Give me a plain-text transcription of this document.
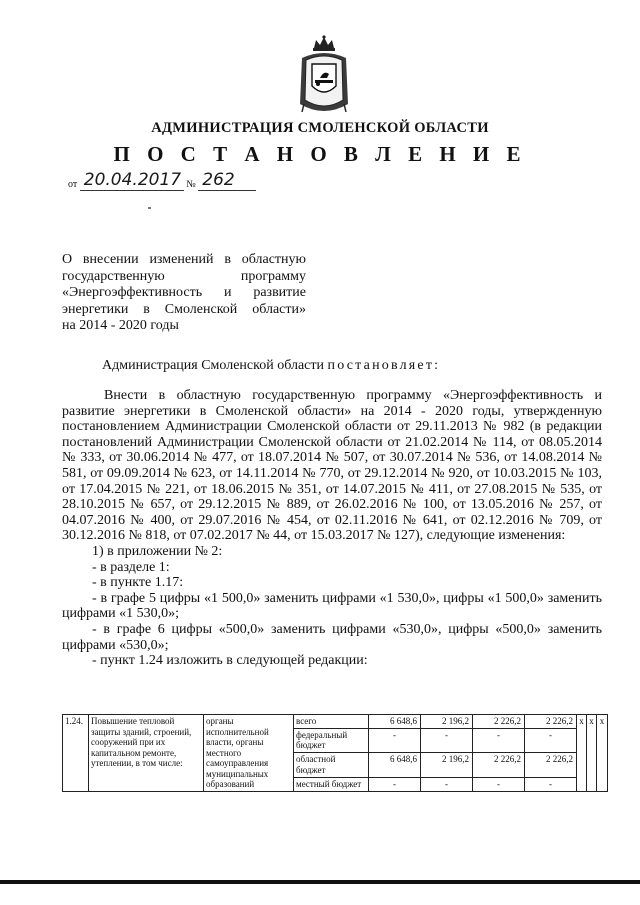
АДМИНИСТРАЦИЯ СМОЛЕНСКОЙ ОБЛАСТИ
П О С Т А Н О В Л Е Н И Е
от 20.04.2017 № 262
О внесении изменений в областную
государственную программу
«Энергоэффективность и развитие
энергетики в Смоленской области»
на 2014 - 2020 годы
Администрация Смоленской области постановляет:

Внести в областную государственную программу «Энергоэффективность и развитие энергетики в Смоленской области» на 2014 - 2020 годы, утвержденную постановлением Администрации Смоленской области от 29.11.2013 № 982 (в редакции постановлений Администрации Смоленской области от 21.02.2014 № 114, от 08.05.2014 № 333, от 30.06.2014 № 477, от 18.07.2014 № 507, от 30.07.2014 № 536, от 14.08.2014 № 581, от 09.09.2014 № 623, от 14.11.2014 № 770, от 29.12.2014 № 920, от 10.03.2015 № 103, от 17.04.2015 № 221, от 18.06.2015 № 351, от 14.07.2015 № 411, от 27.08.2015 № 535, от 28.10.2015 № 657, от 29.12.2015 № 889, от 26.02.2016 № 100, от 13.05.2016 № 257, от 04.07.2016 № 400, от 29.07.2016 № 454, от 02.11.2016 № 641, от 02.12.2016 № 709, от 30.12.2016 № 818, от 07.02.2017 № 44, от 15.03.2017 № 127), следующие изменения:

1) в приложении № 2:
- в разделе 1:
- в пункте 1.17:
- в графе 5 цифры «1 500,0» заменить цифрами «1 530,0», цифры «1 500,0» заменить цифрами «1 530,0»;
- в графе 6 цифры «500,0» заменить цифрами «530,0», цифры «500,0» заменить цифрами «530,0»;
- пункт 1.24 изложить в следующей редакции:
1.24.	Повышение тепловой защиты зданий, строений, сооружений при их капитальном ремонте, утеплении, в том числе:	органы исполнительной власти, органы местного самоуправления муниципальных образований	всего	6 648,6	2 196,2	2 226,2	2 226,2	x	x	x
			федеральный бюджет	-	-	-	-			
			областной бюджет	6 648,6	2 196,2	2 226,2	2 226,2			
			местный бюджет	-	-	-	-			
